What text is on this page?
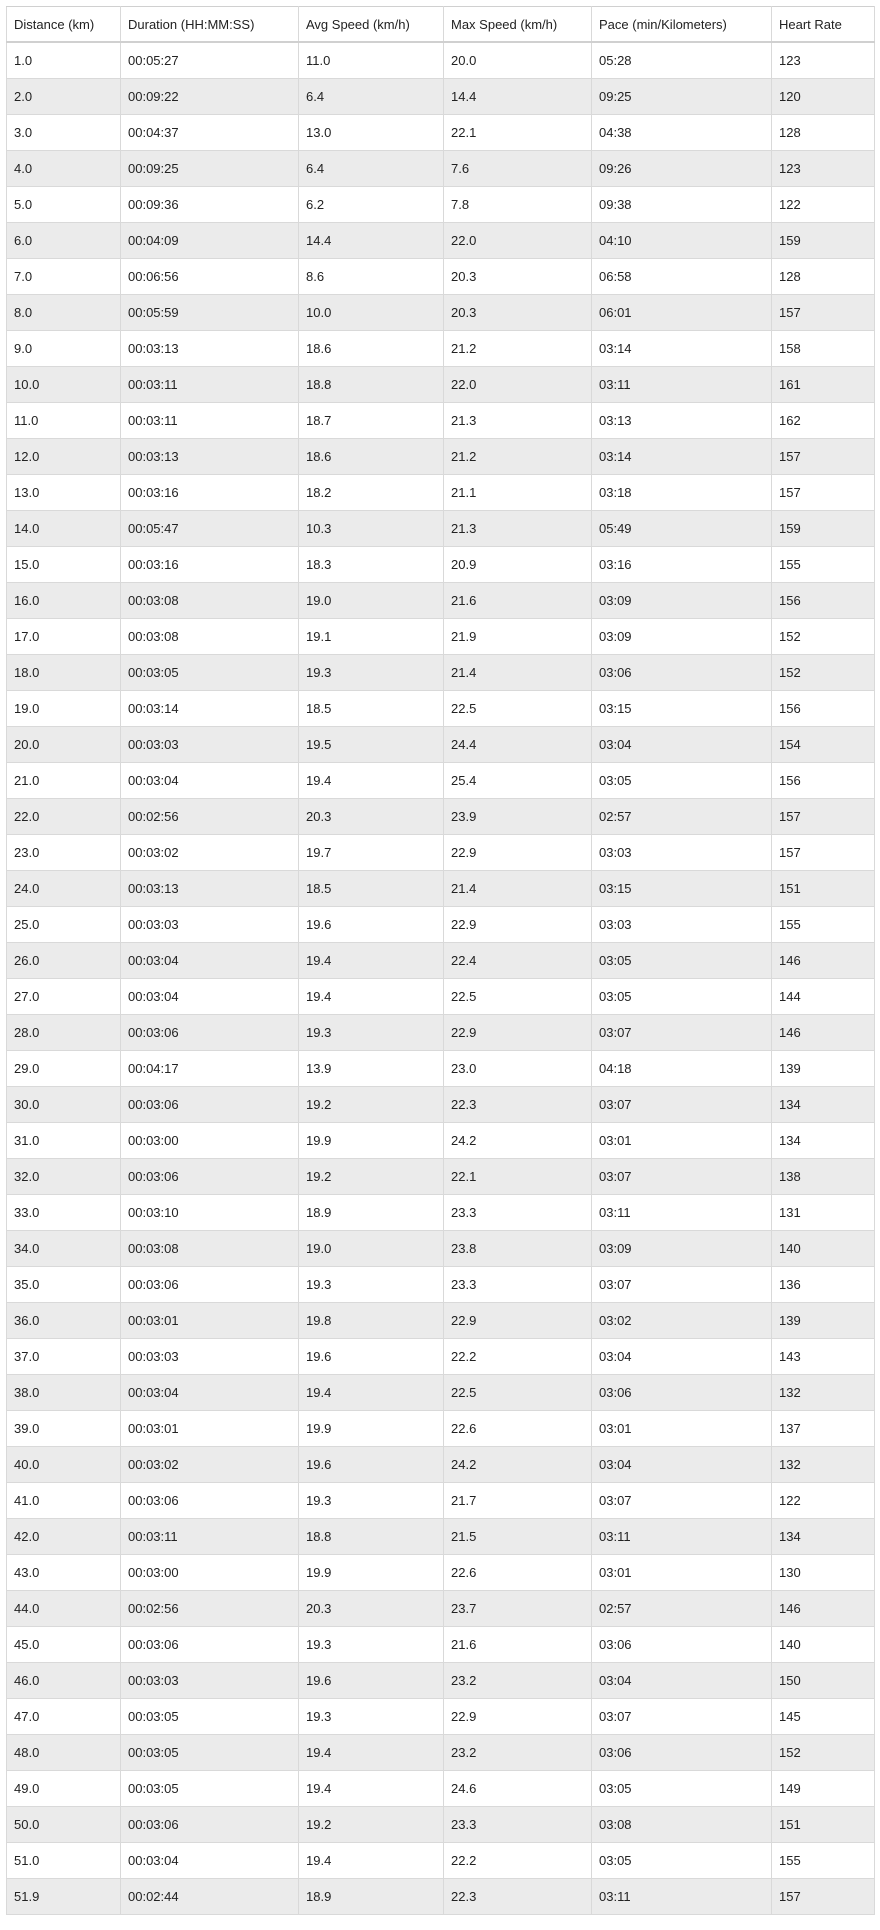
Distance (km)	Duration (HH:MM:SS)	Avg Speed (km/h)	Max Speed (km/h)	Pace (min/Kilometers)	Heart Rate
1.0	00:05:27	11.0	20.0	05:28	123
2.0	00:09:22	6.4	14.4	09:25	120
3.0	00:04:37	13.0	22.1	04:38	128
4.0	00:09:25	6.4	7.6	09:26	123
5.0	00:09:36	6.2	7.8	09:38	122
6.0	00:04:09	14.4	22.0	04:10	159
7.0	00:06:56	8.6	20.3	06:58	128
8.0	00:05:59	10.0	20.3	06:01	157
9.0	00:03:13	18.6	21.2	03:14	158
10.0	00:03:11	18.8	22.0	03:11	161
11.0	00:03:11	18.7	21.3	03:13	162
12.0	00:03:13	18.6	21.2	03:14	157
13.0	00:03:16	18.2	21.1	03:18	157
14.0	00:05:47	10.3	21.3	05:49	159
15.0	00:03:16	18.3	20.9	03:16	155
16.0	00:03:08	19.0	21.6	03:09	156
17.0	00:03:08	19.1	21.9	03:09	152
18.0	00:03:05	19.3	21.4	03:06	152
19.0	00:03:14	18.5	22.5	03:15	156
20.0	00:03:03	19.5	24.4	03:04	154
21.0	00:03:04	19.4	25.4	03:05	156
22.0	00:02:56	20.3	23.9	02:57	157
23.0	00:03:02	19.7	22.9	03:03	157
24.0	00:03:13	18.5	21.4	03:15	151
25.0	00:03:03	19.6	22.9	03:03	155
26.0	00:03:04	19.4	22.4	03:05	146
27.0	00:03:04	19.4	22.5	03:05	144
28.0	00:03:06	19.3	22.9	03:07	146
29.0	00:04:17	13.9	23.0	04:18	139
30.0	00:03:06	19.2	22.3	03:07	134
31.0	00:03:00	19.9	24.2	03:01	134
32.0	00:03:06	19.2	22.1	03:07	138
33.0	00:03:10	18.9	23.3	03:11	131
34.0	00:03:08	19.0	23.8	03:09	140
35.0	00:03:06	19.3	23.3	03:07	136
36.0	00:03:01	19.8	22.9	03:02	139
37.0	00:03:03	19.6	22.2	03:04	143
38.0	00:03:04	19.4	22.5	03:06	132
39.0	00:03:01	19.9	22.6	03:01	137
40.0	00:03:02	19.6	24.2	03:04	132
41.0	00:03:06	19.3	21.7	03:07	122
42.0	00:03:11	18.8	21.5	03:11	134
43.0	00:03:00	19.9	22.6	03:01	130
44.0	00:02:56	20.3	23.7	02:57	146
45.0	00:03:06	19.3	21.6	03:06	140
46.0	00:03:03	19.6	23.2	03:04	150
47.0	00:03:05	19.3	22.9	03:07	145
48.0	00:03:05	19.4	23.2	03:06	152
49.0	00:03:05	19.4	24.6	03:05	149
50.0	00:03:06	19.2	23.3	03:08	151
51.0	00:03:04	19.4	22.2	03:05	155
51.9	00:02:44	18.9	22.3	03:11	157
